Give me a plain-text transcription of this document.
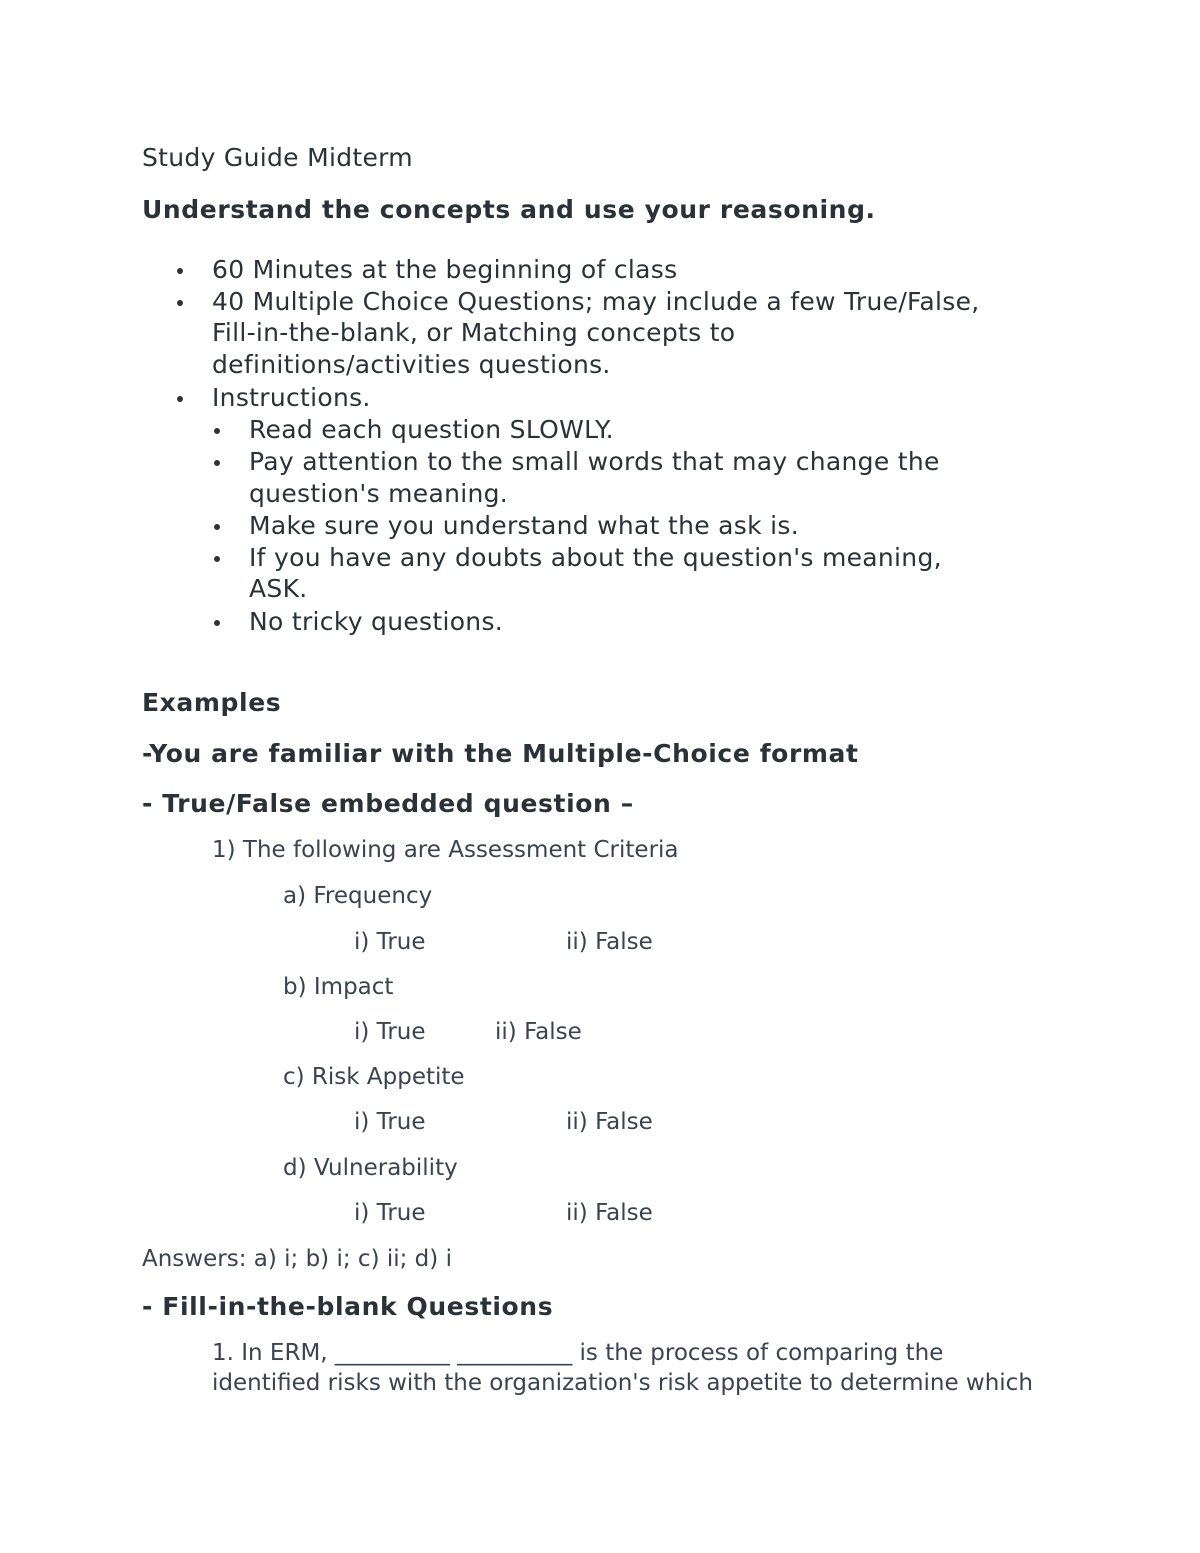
Study Guide Midterm
Understand the concepts and use your reasoning.
60 Minutes at the beginning of class
40 Multiple Choice Questions; may include a few True/False,
Fill-in-the-blank, or Matching concepts to
definitions/activities questions.
Instructions.
Read each question SLOWLY.
Pay attention to the small words that may change the
question's meaning.
Make sure you understand what the ask is.
If you have any doubts about the question's meaning,
ASK.
No tricky questions.
Examples
-You are familiar with the Multiple-Choice format
- True/False embedded question –
1) The following are Assessment Criteria
a) Frequency
i) True	ii) False
b) Impact
i) True	ii) False
c) Risk Appetite
i) True	ii) False
d) Vulnerability
i) True	ii) False
Answers: a) i; b) i; c) ii; d) i
- Fill-in-the-blank Questions
1. In ERM, __________ __________ is the process of comparing the
identified risks with the organization's risk appetite to determine which
